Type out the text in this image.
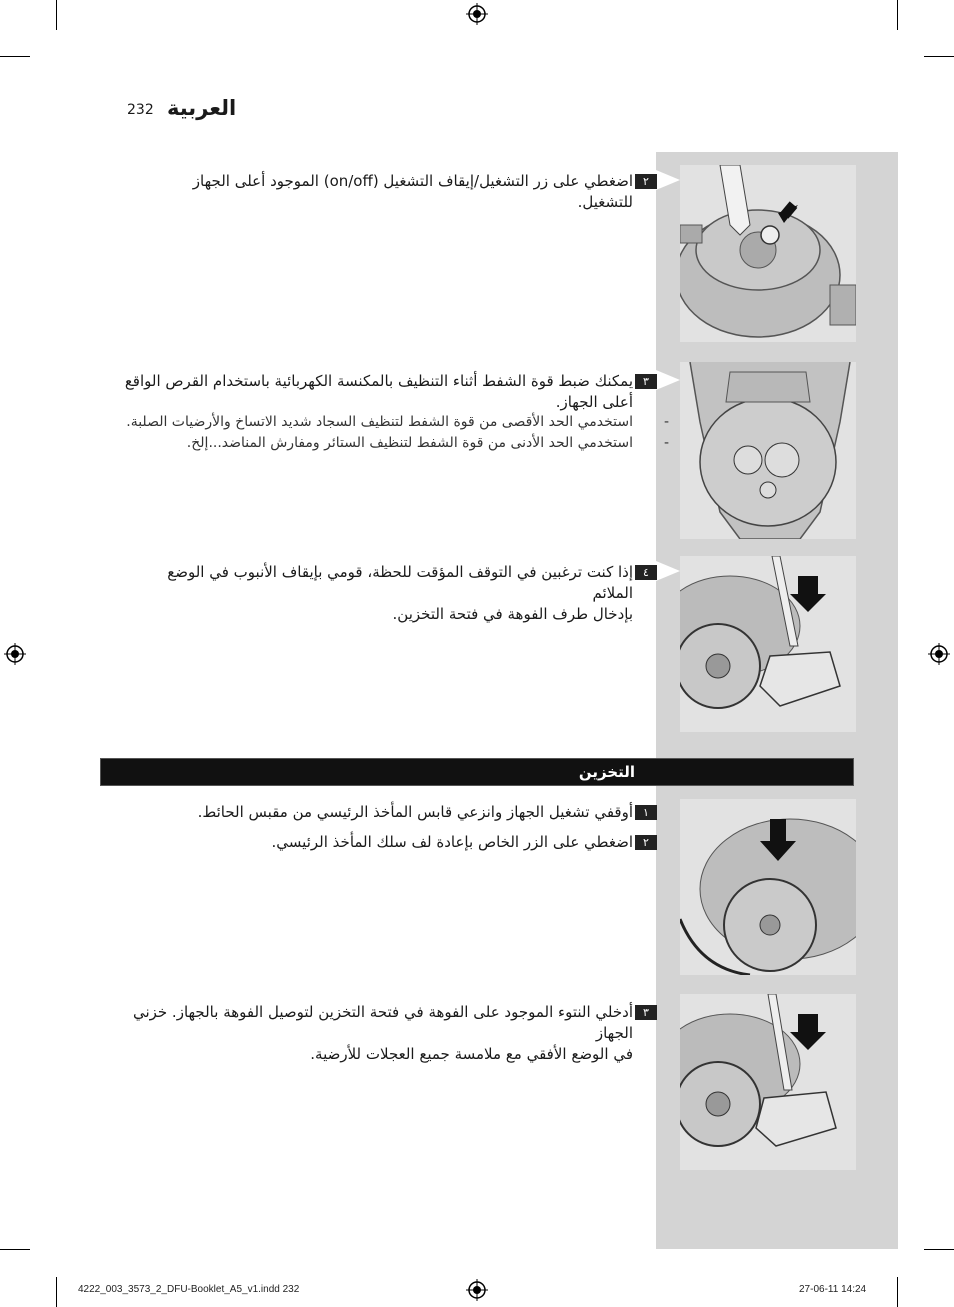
232 العربية
٢
اضغطي على زر التشغيل/إيقاف التشغيل (on/off) الموجود أعلى الجهاز للتشغيل.
٣
يمكنك ضبط قوة الشفط أثناء التنظيف بالمكنسة الكهربائية باستخدام القرص الواقع
أعلى الجهاز.
-
استخدمي الحد الأقصى من قوة الشفط لتنظيف السجاد شديد الاتساخ والأرضيات الصلبة.
-
استخدمي الحد الأدنى من قوة الشفط لتنظيف الستائر ومفارش المناضد...إلخ.
٤
إذا كنت ترغبين في التوقف المؤقت للحظة، قومي بإيقاف الأنبوب في الوضع الملائم
بإدخال طرف الفوهة في فتحة التخزين.
التخزين
١
أوقفي تشغيل الجهاز وانزعي قابس المأخذ الرئيسي من مقبس الحائط.
٢
اضغطي على الزر الخاص بإعادة لف سلك المأخذ الرئيسي.
٣
أدخلي النتوء الموجود على الفوهة في فتحة التخزين لتوصيل الفوهة بالجهاز. خزني الجهاز
في الوضع الأفقي مع ملامسة جميع العجلات للأرضية.
4222_003_3573_2_DFU-Booklet_A5_v1.indd 232	27-06-11 14:24
